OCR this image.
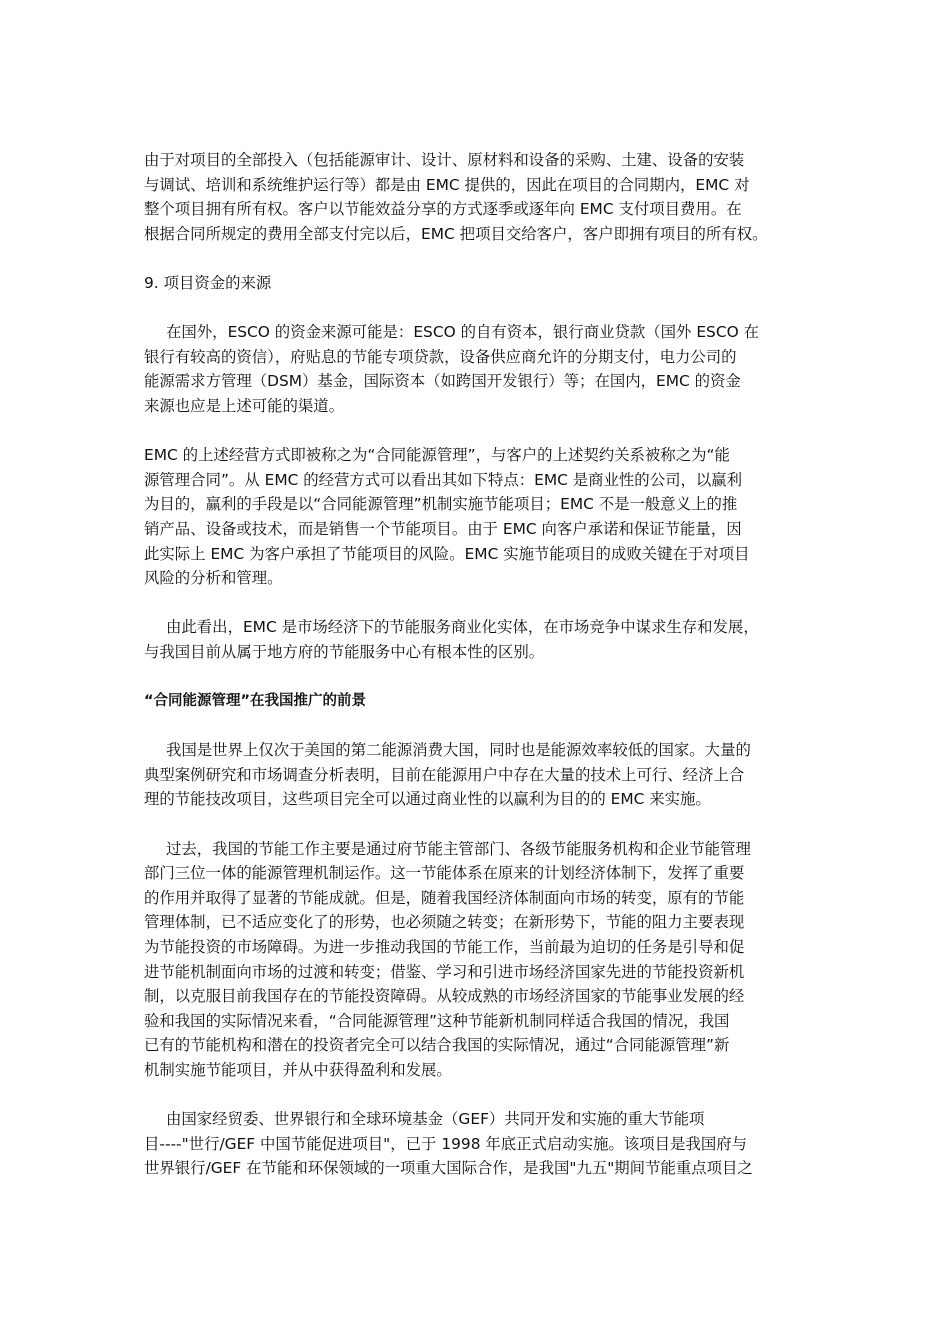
由于对项目的全部投入（包括能源审计、设计、原材料和设备的采购、土建、设备的安装
与调试、培训和系统维护运行等）都是由 EMC 提供的，因此在项目的合同期内，EMC 对
整个项目拥有所有权。客户以节能效益分享的方式逐季或逐年向 EMC 支付项目费用。在
根据合同所规定的费用全部支付完以后，EMC 把项目交给客户，客户即拥有项目的所有权。
9. 项目资金的来源
在国外，ESCO 的资金来源可能是：ESCO 的自有资本，银行商业贷款（国外 ESCO 在
银行有较高的资信），府贴息的节能专项贷款，设备供应商允许的分期支付，电力公司的
能源需求方管理（DSM）基金，国际资本（如跨国开发银行）等；在国内，EMC 的资金
来源也应是上述可能的渠道。
EMC 的上述经营方式即被称之为“合同能源管理”，与客户的上述契约关系被称之为“能
源管理合同”。从 EMC 的经营方式可以看出其如下特点：EMC 是商业性的公司，以赢利
为目的，赢利的手段是以“合同能源管理”机制实施节能项目；EMC 不是一般意义上的推
销产品、设备或技术，而是销售一个节能项目。由于 EMC 向客户承诺和保证节能量，因
此实际上 EMC 为客户承担了节能项目的风险。EMC 实施节能项目的成败关键在于对项目
风险的分析和管理。
由此看出，EMC 是市场经济下的节能服务商业化实体，在市场竞争中谋求生存和发展，
与我国目前从属于地方府的节能服务中心有根本性的区别。
“合同能源管理”在我国推广的前景
我国是世界上仅次于美国的第二能源消费大国，同时也是能源效率较低的国家。大量的
典型案例研究和市场调查分析表明，目前在能源用户中存在大量的技术上可行、经济上合
理的节能技改项目，这些项目完全可以通过商业性的以赢利为目的的 EMC 来实施。
过去，我国的节能工作主要是通过府节能主管部门、各级节能服务机构和企业节能管理
部门三位一体的能源管理机制运作。这一节能体系在原来的计划经济体制下，发挥了重要
的作用并取得了显著的节能成就。但是，随着我国经济体制面向市场的转变，原有的节能
管理体制，已不适应变化了的形势，也必须随之转变；在新形势下，节能的阻力主要表现
为节能投资的市场障碍。为进一步推动我国的节能工作，当前最为迫切的任务是引导和促
进节能机制面向市场的过渡和转变；借鉴、学习和引进市场经济国家先进的节能投资新机
制，以克服目前我国存在的节能投资障碍。从较成熟的市场经济国家的节能事业发展的经
验和我国的实际情况来看，“合同能源管理”这种节能新机制同样适合我国的情况，我国
已有的节能机构和潜在的投资者完全可以结合我国的实际情况，通过“合同能源管理”新
机制实施节能项目，并从中获得盈利和发展。
由国家经贸委、世界银行和全球环境基金（GEF）共同开发和实施的重大节能项
目----"世行/GEF 中国节能促进项目"，已于 1998 年底正式启动实施。该项目是我国府与
世界银行/GEF 在节能和环保领域的一项重大国际合作，是我国"九五"期间节能重点项目之
